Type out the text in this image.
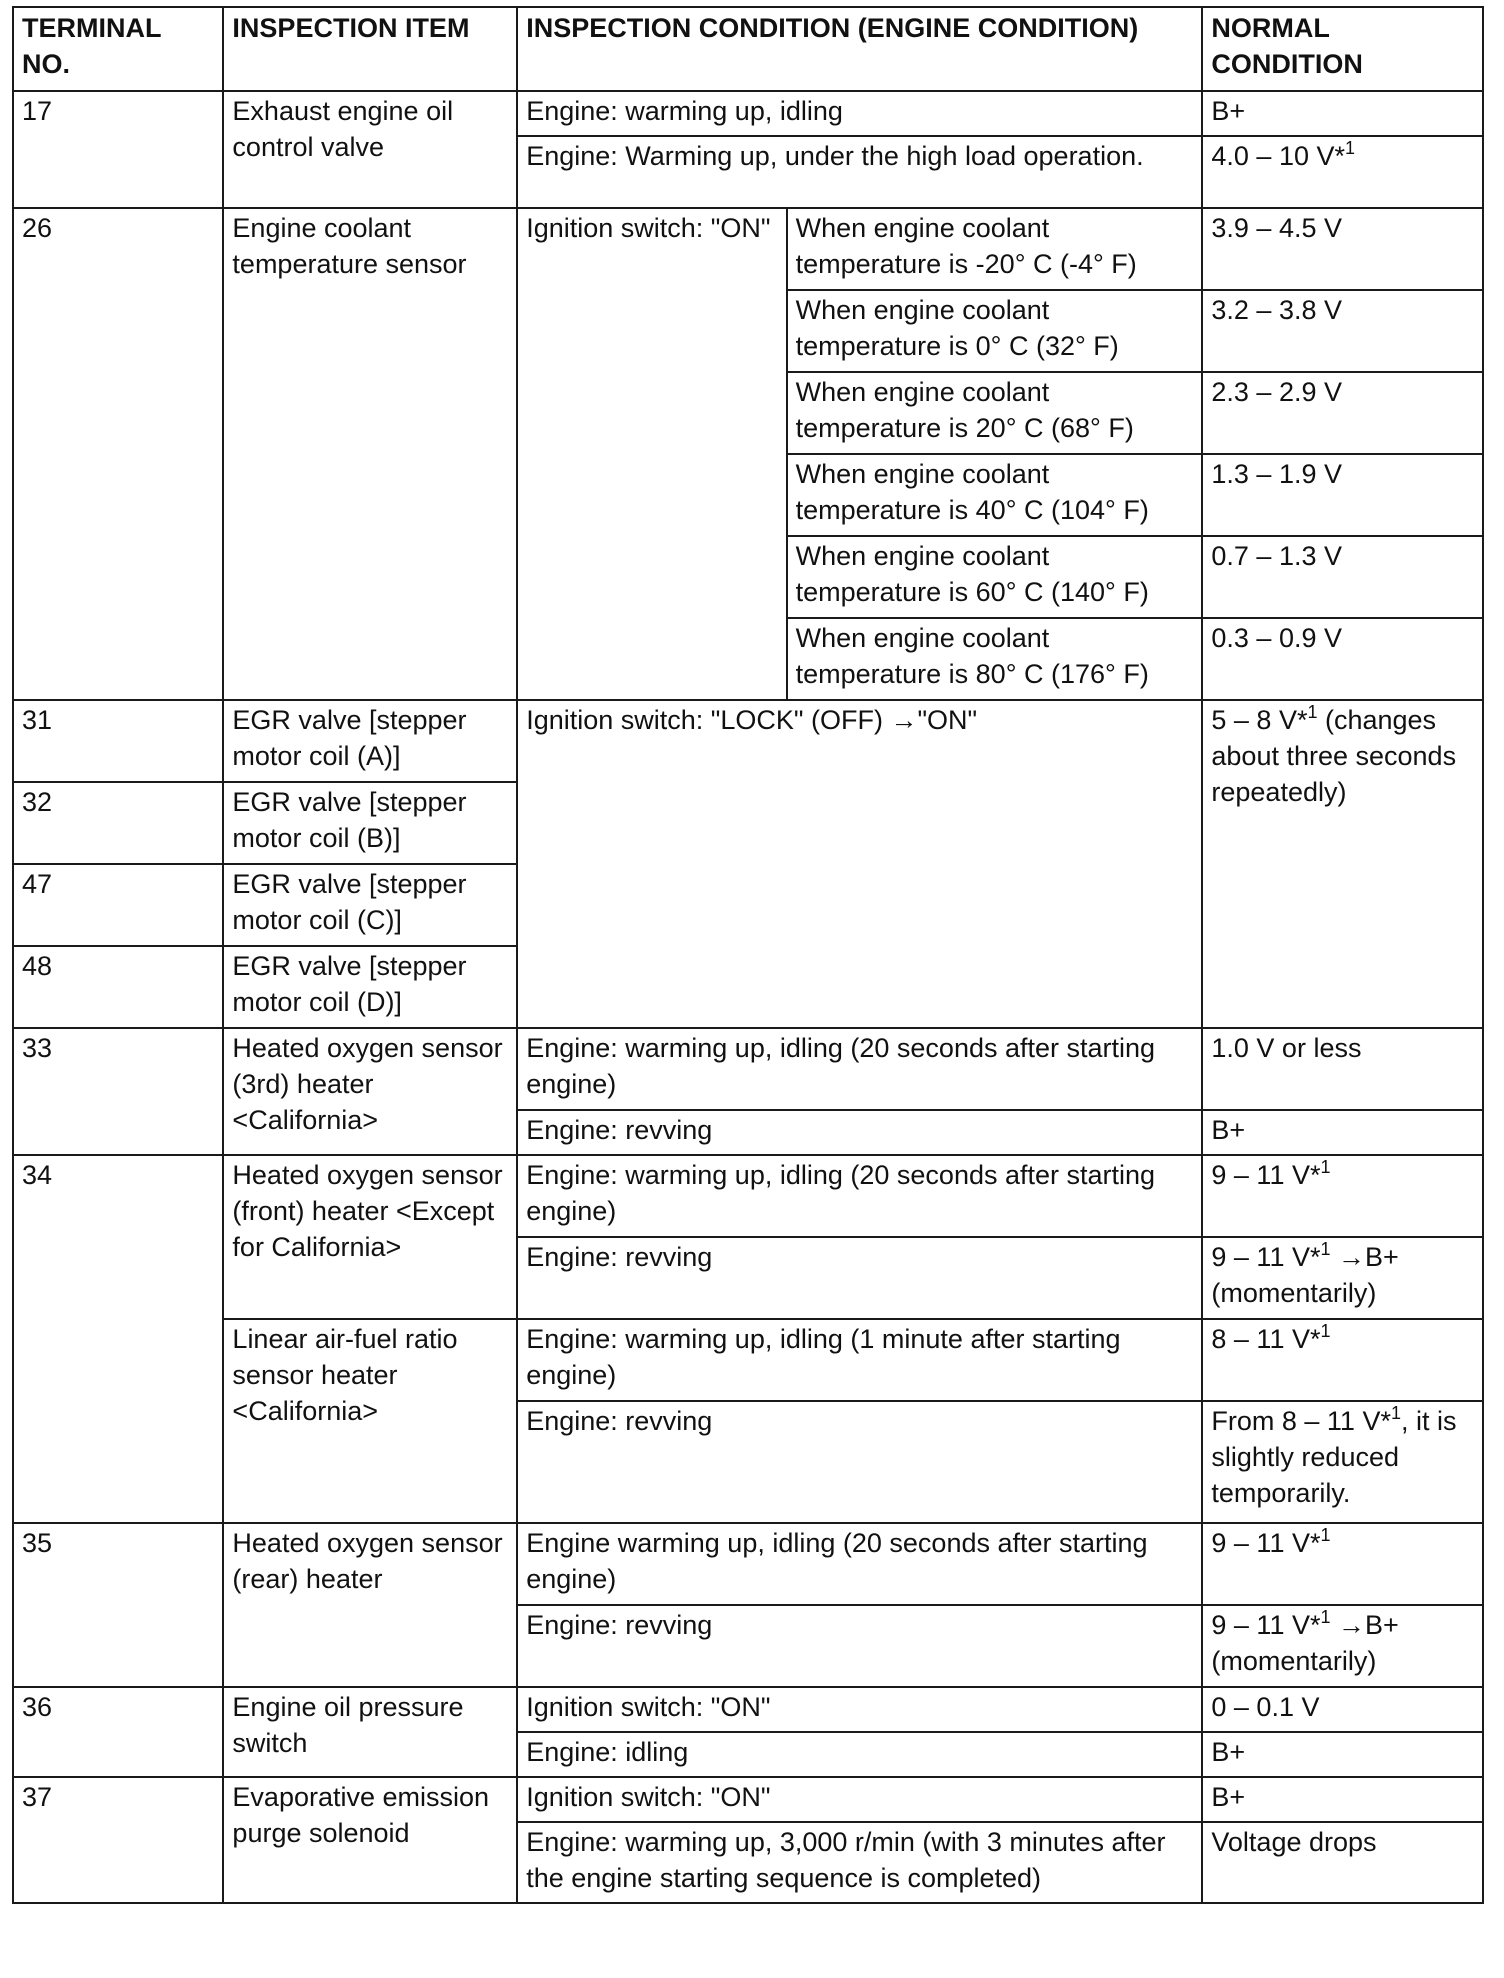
TERMINAL NO.	INSPECTION ITEM	INSPECTION CONDITION (ENGINE CONDITION)		NORMAL CONDITION
17	Exhaust engine oil control valve	Engine: warming up, idling		B+
		Engine: Warming up, under the high load operation.		4.0 – 10 V*$^1$
26	Engine coolant temperature sensor	Ignition switch: "ON"	When engine coolant temperature is -20° C (-4° F)	3.9 – 4.5 V
			When engine coolant temperature is 0° C (32° F)	3.2 – 3.8 V
			When engine coolant temperature is 20° C (68° F)	2.3 – 2.9 V
			When engine coolant temperature is 40° C (104° F)	1.3 – 1.9 V
			When engine coolant temperature is 60° C (140° F)	0.7 – 1.3 V
			When engine coolant temperature is 80° C (176° F)	0.3 – 0.9 V
31	EGR valve [stepper motor coil (A)]	Ignition switch: "LOCK" (OFF) →"ON"		5 – 8 V*$^1$ (changes about three seconds repeatedly)
32	EGR valve [stepper motor coil (B)]			
47	EGR valve [stepper motor coil (C)]			
48	EGR valve [stepper motor coil (D)]			
33	Heated oxygen sensor (3rd) heater <California>	Engine: warming up, idling (20 seconds after starting engine)		1.0 V or less
		Engine: revving		B+
34	Heated oxygen sensor (front) heater <Except for California>	Engine: warming up, idling (20 seconds after starting engine)		9 – 11 V*$^1$
		Engine: revving		9 – 11 V*$^1$ →B+ (momentarily)
	Linear air-fuel ratio sensor heater <California>	Engine: warming up, idling (1 minute after starting engine)		8 – 11 V*$^1$
		Engine: revving		From 8 – 11 V*$^1$, it is slightly reduced temporarily.
35	Heated oxygen sensor (rear) heater	Engine warming up, idling (20 seconds after starting engine)		9 – 11 V*$^1$
		Engine: revving		9 – 11 V*$^1$ →B+ (momentarily)
36	Engine oil pressure switch	Ignition switch: "ON"		0 – 0.1 V
		Engine: idling		B+
37	Evaporative emission purge solenoid	Ignition switch: "ON"		B+
		Engine: warming up, 3,000 r/min (with 3 minutes after the engine starting sequence is completed)		Voltage drops
